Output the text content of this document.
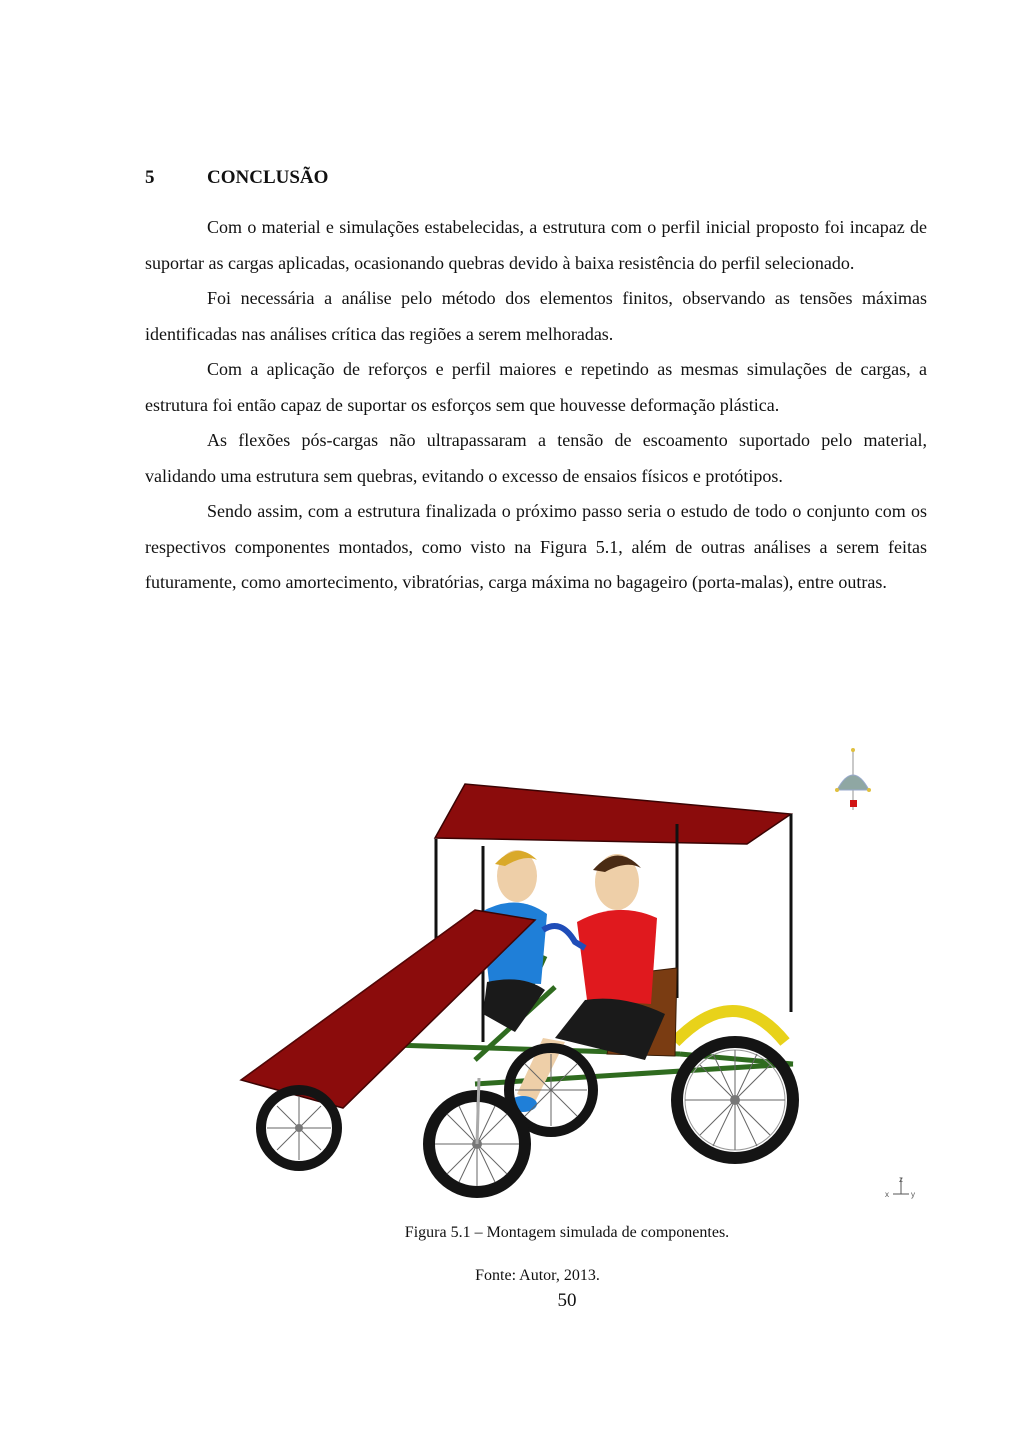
5	CONCLUSÃO

Com o material e simulações estabelecidas, a estrutura com o perfil inicial proposto foi incapaz de suportar as cargas aplicadas, ocasionando quebras devido à baixa resistência do perfil selecionado.

Foi necessária a análise pelo método dos elementos finitos, observando as tensões máximas identificadas nas análises crítica das regiões a serem melhoradas.

Com a aplicação de reforços e perfil maiores e repetindo as mesmas simulações de cargas, a estrutura foi então capaz de suportar os esforços sem que houvesse deformação plástica.

As flexões pós-cargas não ultrapassaram a tensão de escoamento suportado pelo material, validando uma estrutura sem quebras, evitando o excesso de ensaios físicos e protótipos.

Sendo assim, com a estrutura finalizada o próximo passo seria o estudo de todo o conjunto com os respectivos componentes montados, como visto na Figura 5.1, além de outras análises a serem feitas futuramente, como amortecimento, vibratórias, carga máxima no bagageiro (porta-malas), entre outras.

z
x	y
Figura 5.1 – Montagem simulada de componentes.
Fonte: Autor, 2013.
50
